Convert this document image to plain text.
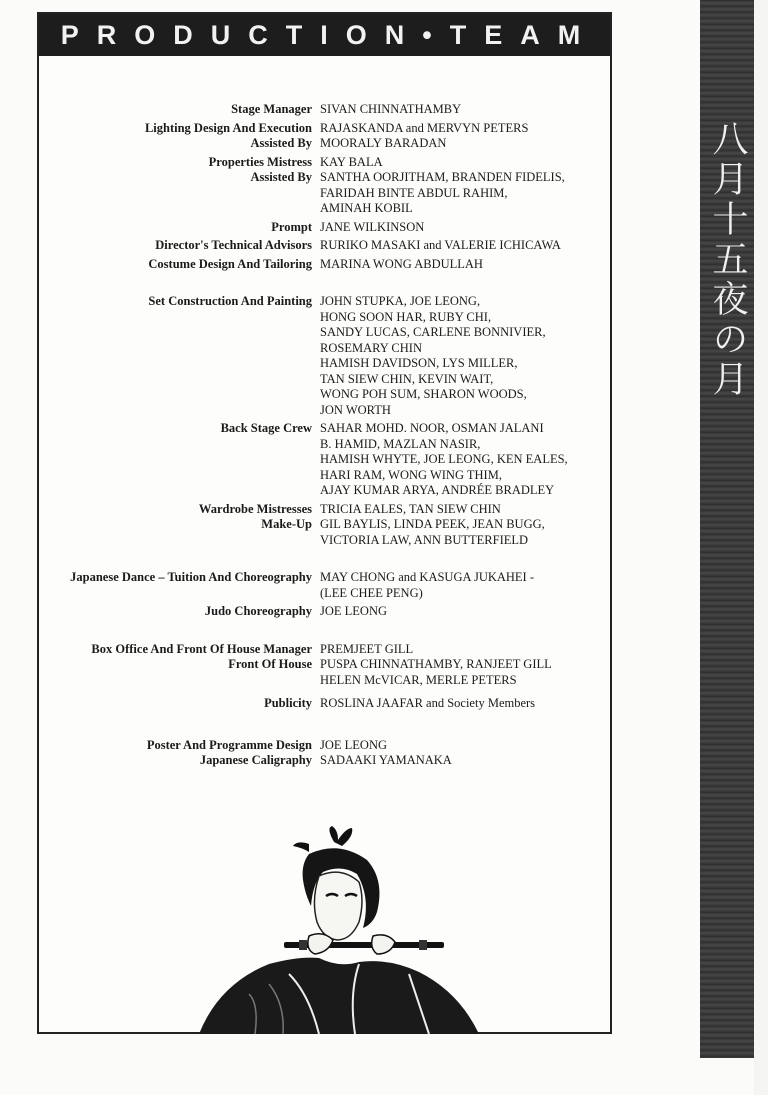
PRODUCTION•TEAM
Stage Manager SIVAN CHINNATHAMBY
Lighting Design And Execution RAJASKANDA and MERVYN PETERS
Assisted By MOORALY BARADAN
Properties Mistress KAY BALA
Assisted By SANTHA OORJITHAM, BRANDEN FIDELIS,
FARIDAH BINTE ABDUL RAHIM,
AMINAH KOBIL
Prompt JANE WILKINSON
Director's Technical Advisors RURIKO MASAKI and VALERIE ICHICAWA
Costume Design And Tailoring MARINA WONG ABDULLAH
Set Construction And Painting JOHN STUPKA, JOE LEONG,
HONG SOON HAR, RUBY CHI,
SANDY LUCAS, CARLENE BONNIVIER,
ROSEMARY CHIN
HAMISH DAVIDSON, LYS MILLER,
TAN SIEW CHIN, KEVIN WAIT,
WONG POH SUM, SHARON WOODS,
JON WORTH
Back Stage Crew SAHAR MOHD. NOOR, OSMAN JALANI
B. HAMID, MAZLAN NASIR,
HAMISH WHYTE, JOE LEONG, KEN EALES,
HARI RAM, WONG WING THIM,
AJAY KUMAR ARYA, ANDRÉE BRADLEY
Wardrobe Mistresses TRICIA EALES, TAN SIEW CHIN
Make-Up GIL BAYLIS, LINDA PEEK, JEAN BUGG,
VICTORIA LAW, ANN BUTTERFIELD
Japanese Dance – Tuition And Choreography MAY CHONG and KASUGA JUKAHEI -
(LEE CHEE PENG)
Judo Choreography JOE LEONG
Box Office And Front Of House Manager PREMJEET GILL
Front Of House PUSPA CHINNATHAMBY, RANJEET GILL
HELEN McVICAR, MERLE PETERS
Publicity ROSLINA JAAFAR and Society Members
Poster And Programme Design JOE LEONG
Japanese Caligraphy SADAAKI YAMANAKA
八月十五夜の月
